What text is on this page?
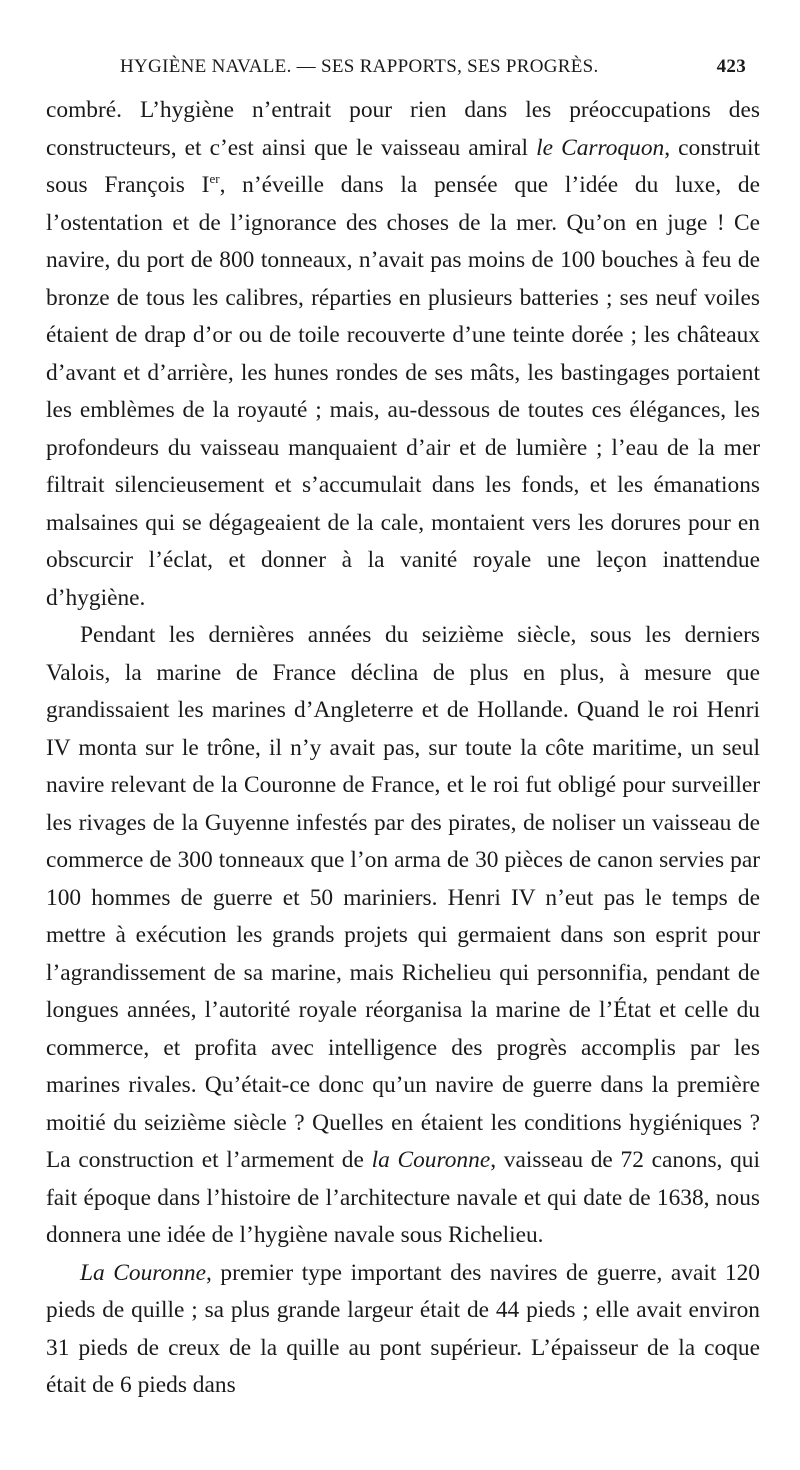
HYGIÈNE NAVALE. — SES RAPPORTS, SES PROGRÈS.	423

combré. L’hygiène n’entrait pour rien dans les préoccupations des constructeurs, et c’est ainsi que le vaisseau amiral le Carroquon, construit sous François Ier, n’éveille dans la pensée que l’idée du luxe, de l’ostentation et de l’ignorance des choses de la mer. Qu’on en juge ! Ce navire, du port de 800 tonneaux, n’avait pas moins de 100 bouches à feu de bronze de tous les calibres, réparties en plusieurs batteries ; ses neuf voiles étaient de drap d’or ou de toile recouverte d’une teinte dorée ; les châteaux d’avant et d’arrière, les hunes rondes de ses mâts, les bastingages portaient les emblèmes de la royauté ; mais, au-dessous de toutes ces élégances, les profondeurs du vaisseau manquaient d’air et de lumière ; l’eau de la mer filtrait silencieusement et s’accumulait dans les fonds, et les émanations malsaines qui se dégageaient de la cale, montaient vers les dorures pour en obscurcir l’éclat, et donner à la vanité royale une leçon inattendue d’hygiène.

Pendant les dernières années du seizième siècle, sous les derniers Valois, la marine de France déclina de plus en plus, à mesure que grandissaient les marines d’Angleterre et de Hollande. Quand le roi Henri IV monta sur le trône, il n’y avait pas, sur toute la côte maritime, un seul navire relevant de la Couronne de France, et le roi fut obligé pour surveiller les rivages de la Guyenne infestés par des pirates, de noliser un vaisseau de commerce de 300 tonneaux que l’on arma de 30 pièces de canon servies par 100 hommes de guerre et 50 mariniers. Henri IV n’eut pas le temps de mettre à exécution les grands projets qui germaient dans son esprit pour l’agrandissement de sa marine, mais Richelieu qui personnifia, pendant de longues années, l’autorité royale réorganisa la marine de l’État et celle du commerce, et profita avec intelligence des progrès accomplis par les marines rivales. Qu’était-ce donc qu’un navire de guerre dans la première moitié du seizième siècle ? Quelles en étaient les conditions hygiéniques ? La construction et l’armement de la Couronne, vaisseau de 72 canons, qui fait époque dans l’histoire de l’architecture navale et qui date de 1638, nous donnera une idée de l’hygiène navale sous Richelieu.

La Couronne, premier type important des navires de guerre, avait 120 pieds de quille ; sa plus grande largeur était de 44 pieds ; elle avait environ 31 pieds de creux de la quille au pont supérieur. L’épaisseur de la coque était de 6 pieds dans
